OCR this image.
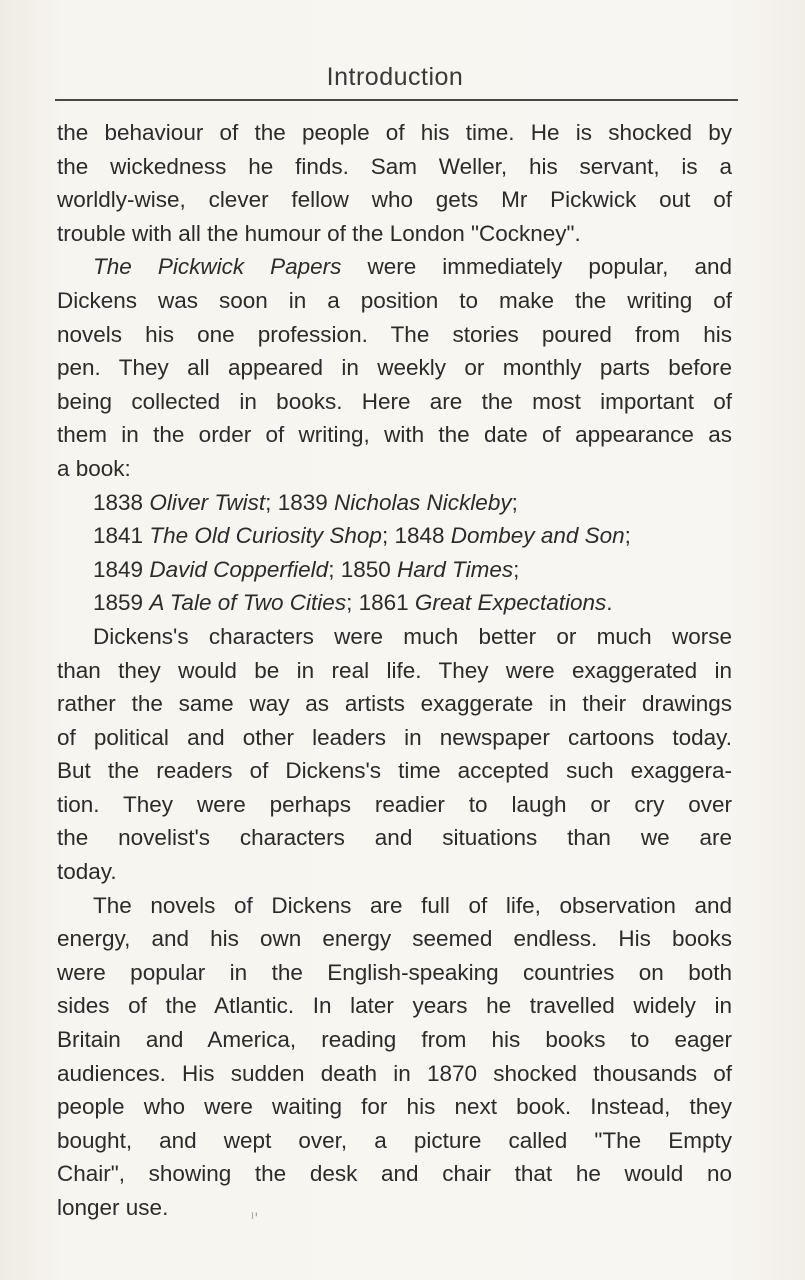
Introduction
the behaviour of the people of his time. He is shocked by
the wickedness he finds. Sam Weller, his servant, is a
worldly-wise, clever fellow who gets Mr Pickwick out of
trouble with all the humour of the London "Cockney".
The Pickwick Papers were immediately popular, and
Dickens was soon in a position to make the writing of
novels his one profession. The stories poured from his
pen. They all appeared in weekly or monthly parts before
being collected in books. Here are the most important of
them in the order of writing, with the date of appearance as
a book:
1838 Oliver Twist; 1839 Nicholas Nickleby;
1841 The Old Curiosity Shop; 1848 Dombey and Son;
1849 David Copperfield; 1850 Hard Times;
1859 A Tale of Two Cities; 1861 Great Expectations.
Dickens's characters were much better or much worse
than they would be in real life. They were exaggerated in
rather the same way as artists exaggerate in their drawings
of political and other leaders in newspaper cartoons today.
But the readers of Dickens's time accepted such exaggera-
tion. They were perhaps readier to laugh or cry over
the novelist's characters and situations than we are
today.
The novels of Dickens are full of life, observation and
energy, and his own energy seemed endless. His books
were popular in the English-speaking countries on both
sides of the Atlantic. In later years he travelled widely in
Britain and America, reading from his books to eager
audiences. His sudden death in 1870 shocked thousands of
people who were waiting for his next book. Instead, they
bought, and wept over, a picture called "The Empty
Chair", showing the desk and chair that he would no
longer use.	ˡ'
